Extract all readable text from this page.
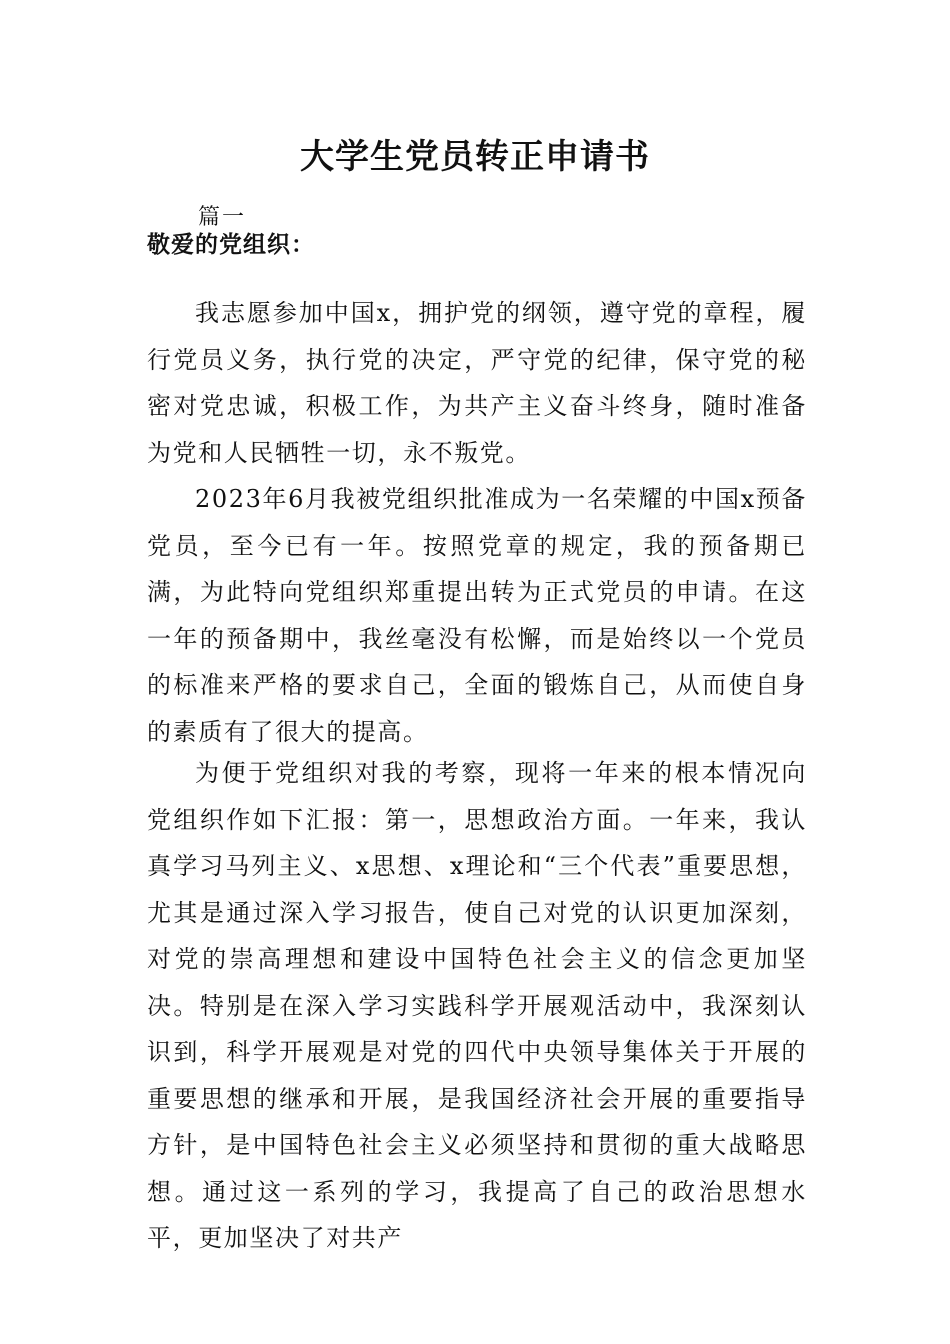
大学生党员转正申请书
篇一
敬爱的党组织：

我志愿参加中国x，拥护党的纲领，遵守党的章程，履行党员义务，执行党的决定，严守党的纪律，保守党的秘密对党忠诚，积极工作，为共产主义奋斗终身，随时准备为党和人民牺牲一切，永不叛党。

2023年6月我被党组织批准成为一名荣耀的中国x预备党员，至今已有一年。按照党章的规定，我的预备期已满，为此特向党组织郑重提出转为正式党员的申请。在这一年的预备期中，我丝毫没有松懈，而是始终以一个党员的标准来严格的要求自己，全面的锻炼自己，从而使自身的素质有了很大的提高。

为便于党组织对我的考察，现将一年来的根本情况向党组织作如下汇报：第一，思想政治方面。一年来，我认真学习马列主义、x思想、x理论和“三个代表”重要思想，尤其是通过深入学习报告，使自己对党的认识更加深刻，对党的崇高理想和建设中国特色社会主义的信念更加坚决。特别是在深入学习实践科学开展观活动中，我深刻认识到，科学开展观是对党的四代中央领导集体关于开展的重要思想的继承和开展，是我国经济社会开展的重要指导方针，是中国特色社会主义必须坚持和贯彻的重大战略思想。通过这一系列的学习，我提高了自己的政治思想水平，更加坚决了对共产
